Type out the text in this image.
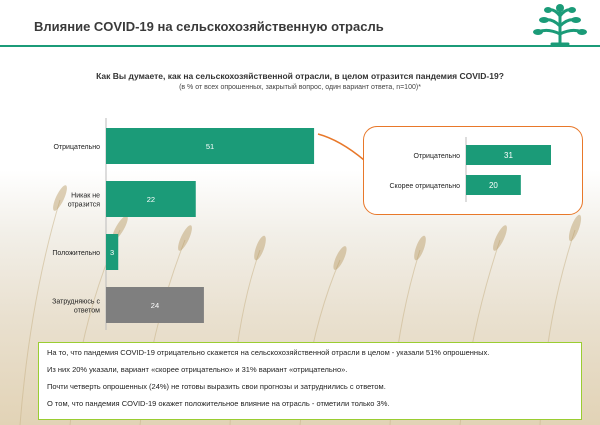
Влияние COVID-19 на сельскохозяйственную отрасль
Как Вы думаете, как на сельскохозяйственной отрасли, в целом отразится пандемия COVID-19?
(в % от всех опрошенных, закрытый вопрос, один вариант ответа, n=100)*
51
Отрицательно
22
Никак не
отразится
3
Положительно
24
Затрудняюсь с
ответом
31
Отрицательно
20
Скорее отрицательно

На то, что пандемия COVID-19 отрицательно скажется на сельскохозяйственной отрасли в целом - указали 51% опрошенных.

Из них 20% указали, вариант «скорее отрицательно» и 31% вариант «отрицательно».

Почти четверть опрошенных (24%) не готовы выразить свои прогнозы и затруднились с ответом.

О том, что пандемия COVID-19 окажет положительное влияние на отрасль - отметили только 3%.
